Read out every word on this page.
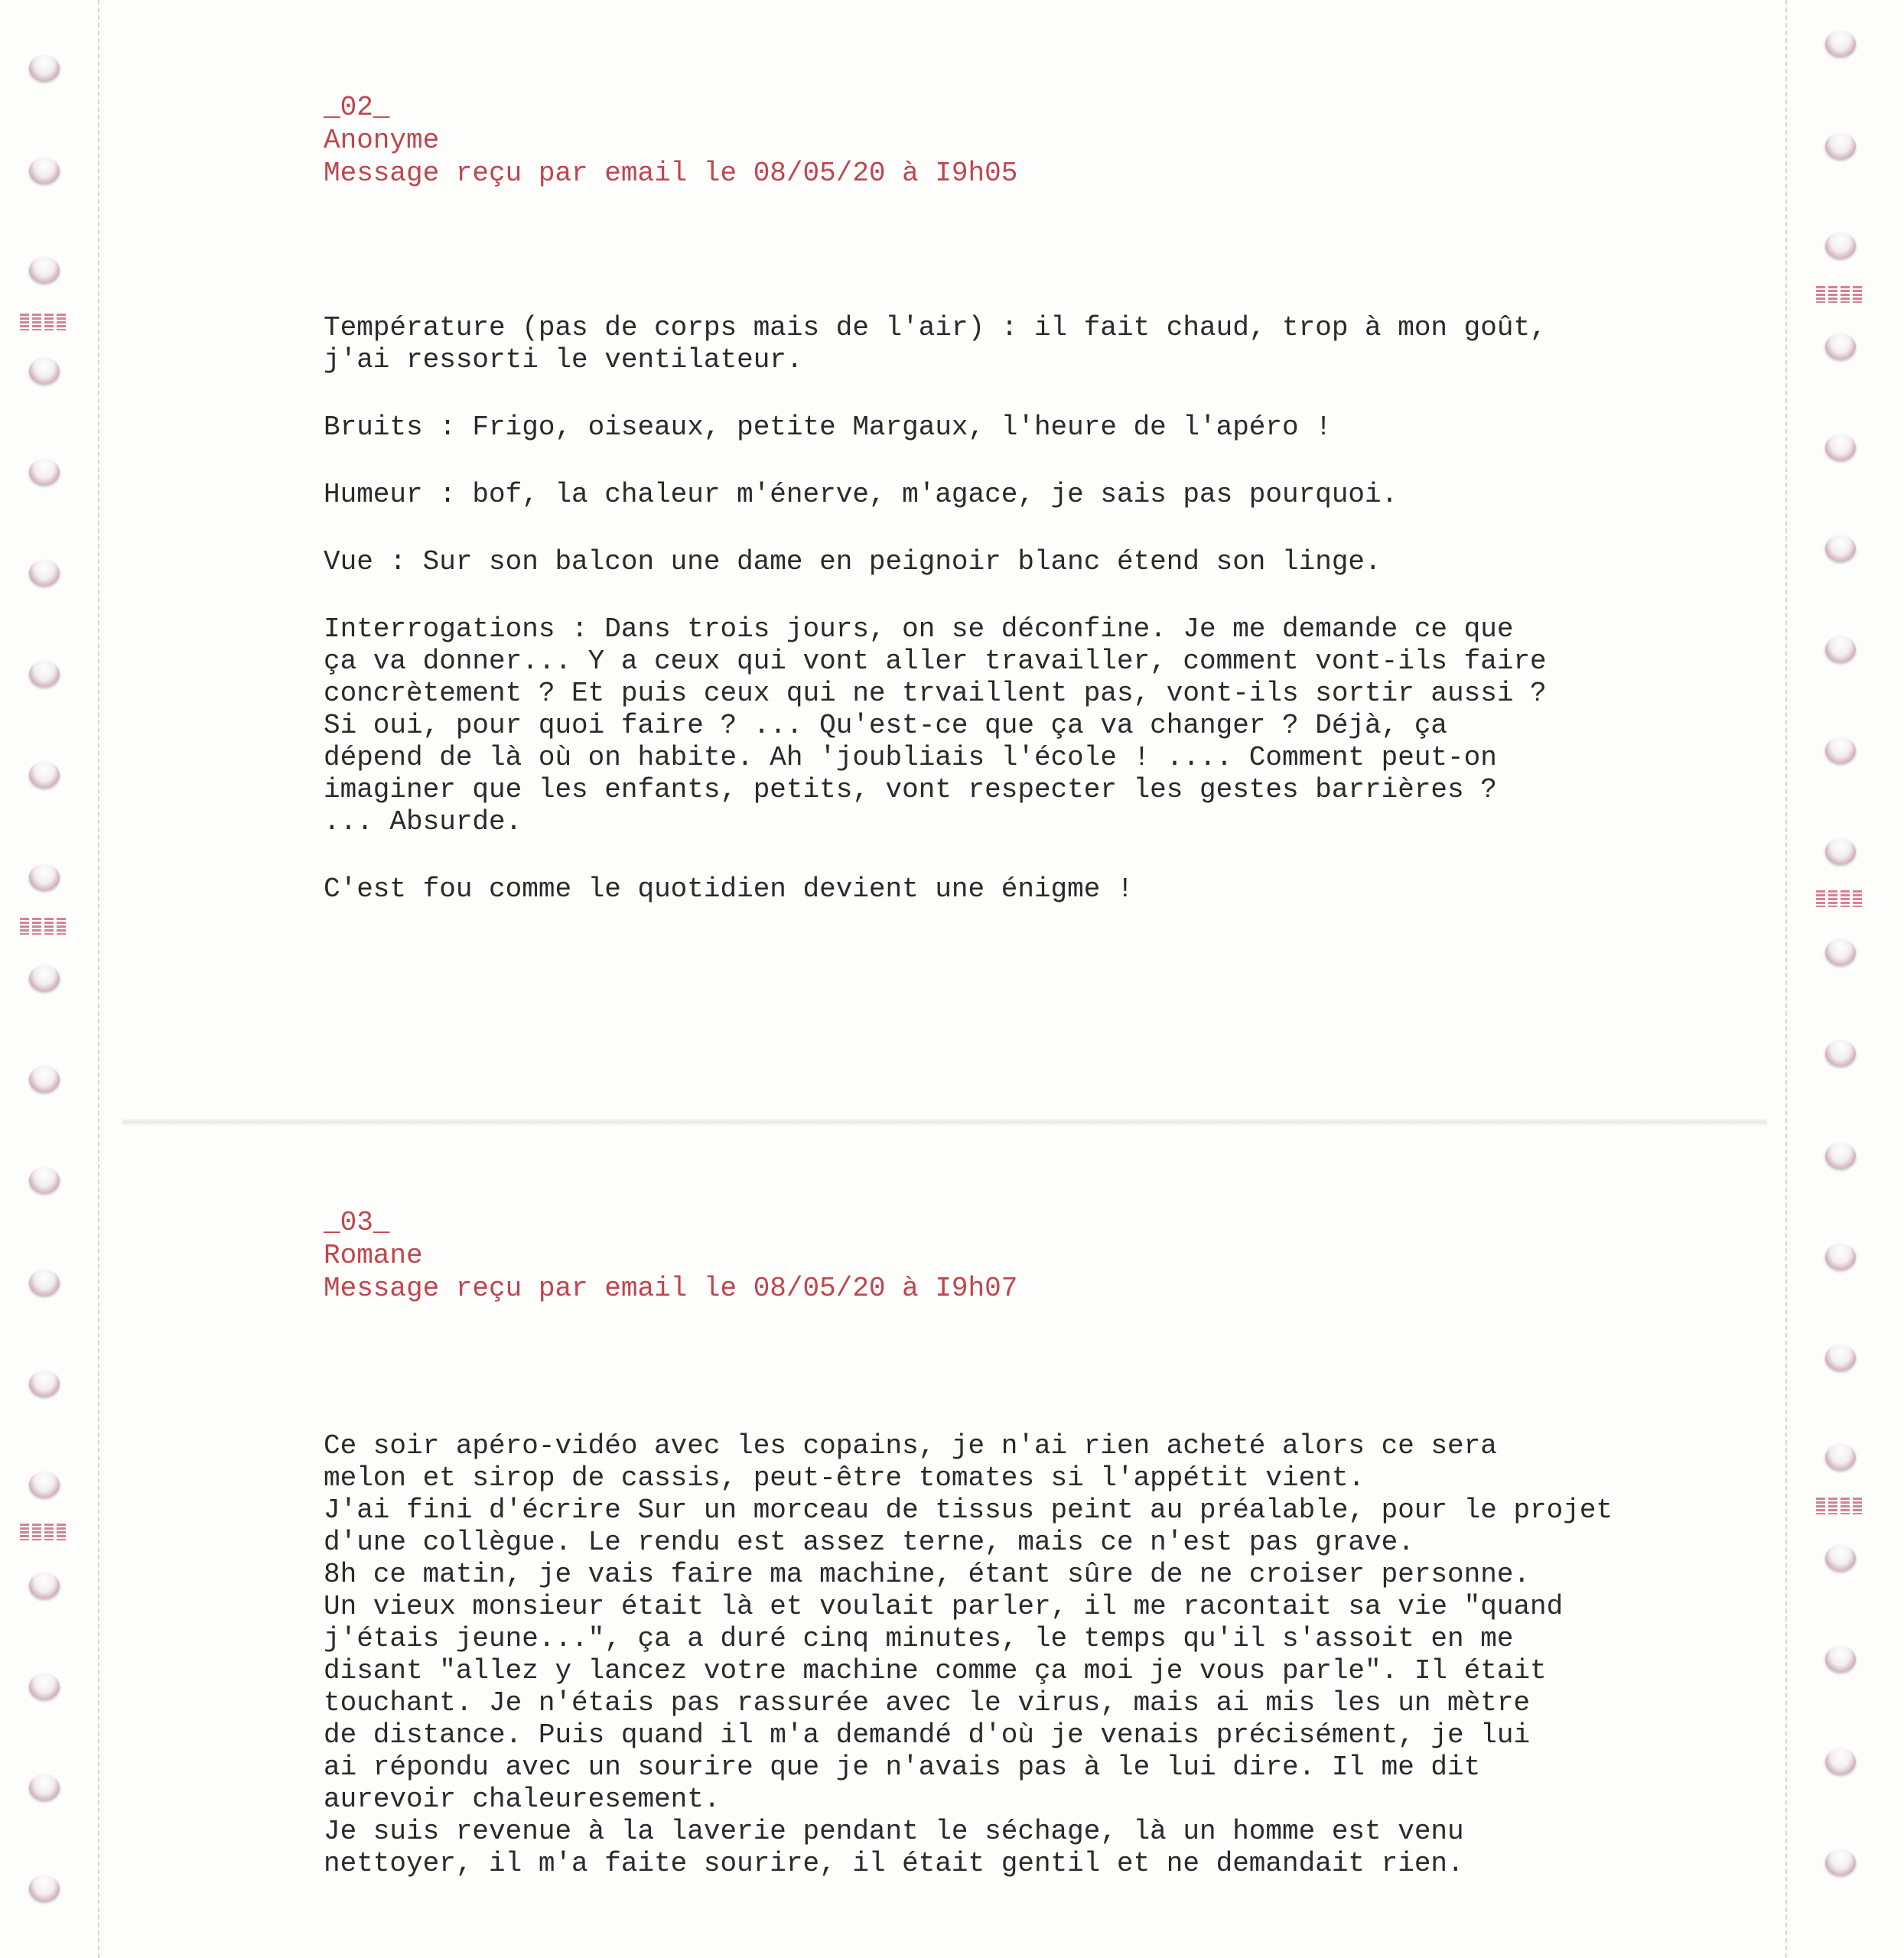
_02_
Anonyme
Message reçu par email le 08/05/20 à I9h05
Température (pas de corps mais de l'air) : il fait chaud, trop à mon goût,
j'ai ressorti le ventilateur.
Bruits : Frigo, oiseaux, petite Margaux, l'heure de l'apéro !
Humeur : bof, la chaleur m'énerve, m'agace, je sais pas pourquoi.
Vue : Sur son balcon une dame en peignoir blanc étend son linge.
Interrogations : Dans trois jours, on se déconfine. Je me demande ce que
ça va donner... Y a ceux qui vont aller travailler, comment vont-ils faire
concrètement ? Et puis ceux qui ne trvaillent pas, vont-ils sortir aussi ?
Si oui, pour quoi faire ? ... Qu'est-ce que ça va changer ? Déjà, ça
dépend de là où on habite. Ah 'joubliais l'école ! .... Comment peut-on
imaginer que les enfants, petits, vont respecter les gestes barrières ?
... Absurde.
C'est fou comme le quotidien devient une énigme !
_03_
Romane
Message reçu par email le 08/05/20 à I9h07
Ce soir apéro-vidéo avec les copains, je n'ai rien acheté alors ce sera
melon et sirop de cassis, peut-être tomates si l'appétit vient.
J'ai fini d'écrire Sur un morceau de tissus peint au préalable, pour le projet
d'une collègue. Le rendu est assez terne, mais ce n'est pas grave.
8h ce matin, je vais faire ma machine, étant sûre de ne croiser personne.
Un vieux monsieur était là et voulait parler, il me racontait sa vie "quand
j'étais jeune...", ça a duré cinq minutes, le temps qu'il s'assoit en me
disant "allez y lancez votre machine comme ça moi je vous parle". Il était
touchant. Je n'étais pas rassurée avec le virus, mais ai mis les un mètre
de distance. Puis quand il m'a demandé d'où je venais précisément, je lui
ai répondu avec un sourire que je n'avais pas à le lui dire. Il me dit
aurevoir chaleuresement.
Je suis revenue à la laverie pendant le séchage, là un homme est venu
nettoyer, il m'a faite sourire, il était gentil et ne demandait rien.
